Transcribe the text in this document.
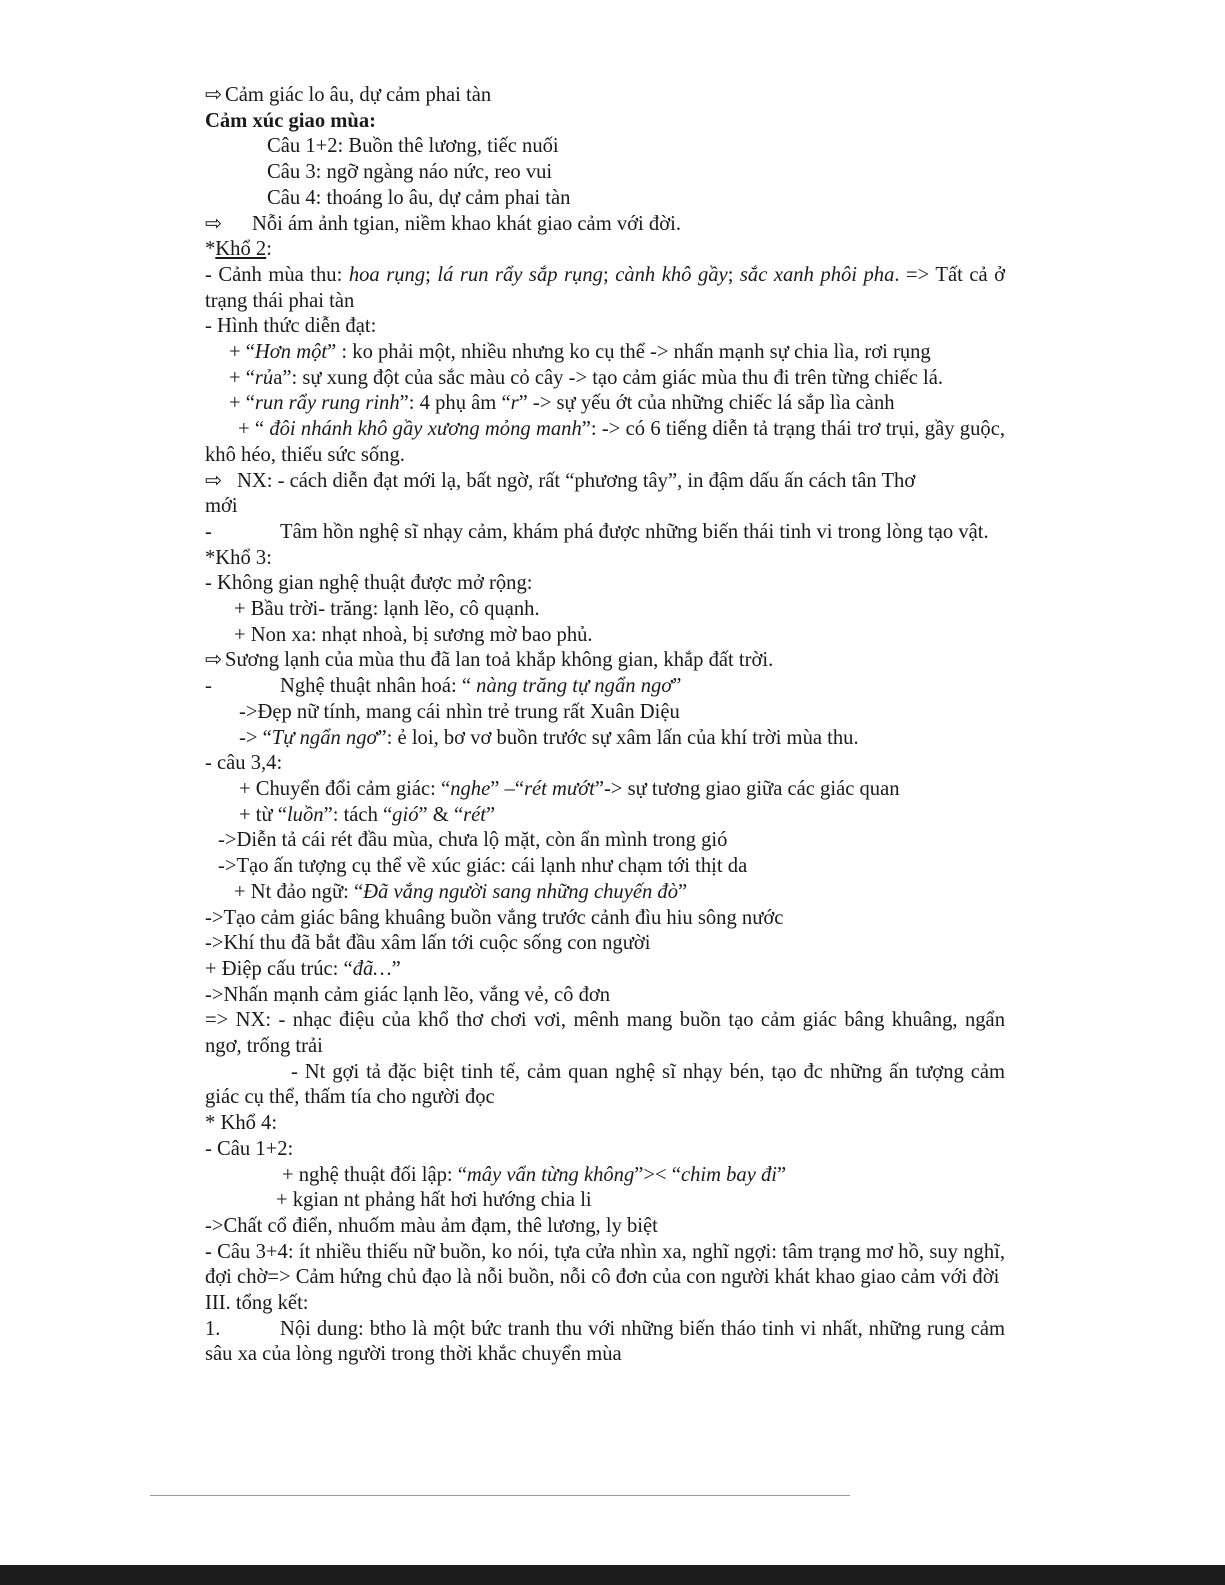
⇨ Cảm giác lo âu, dự cảm phai tàn
Cảm xúc giao mùa:
Câu 1+2: Buồn thê lương, tiếc nuối
Câu 3: ngỡ ngàng náo nức, reo vui
Câu 4: thoáng lo âu, dự cảm phai tàn
⇨ Nỗi ám ảnh tgian, niềm khao khát giao cảm với đời.
*Khổ 2:
- Cảnh mùa thu: hoa rụng; lá run rẩy sắp rụng; cành khô gầy; sắc xanh phôi pha. => Tất cả ở trạng thái phai tàn
- Hình thức diễn đạt:
+ “Hơn một” : ko phải một, nhiều nhưng ko cụ thể -> nhấn mạnh sự chia lìa, rơi rụng
+ “rủa”: sự xung đột của sắc màu cỏ cây -> tạo cảm giác mùa thu đi trên từng chiếc lá.
+ “run rẩy rung rinh”: 4 phụ âm “r” -> sự yếu ớt của những chiếc lá sắp lìa cành
+ “ đôi nhánh khô gầy xương mỏng manh”: -> có 6 tiếng diễn tả trạng thái trơ trụi, gầy guộc, khô héo, thiếu sức sống.
⇨ NX: - cách diễn đạt mới lạ, bất ngờ, rất “phương tây”, in đậm dấu ấn cách tân Thơ mới
-	Tâm hồn nghệ sĩ nhạy cảm, khám phá được những biến thái tinh vi trong lòng tạo vật.
*Khổ 3:
- Không gian nghệ thuật được mở rộng:
+ Bầu trời- trăng: lạnh lẽo, cô quạnh.
+ Non xa: nhạt nhoà, bị sương mờ bao phủ.
⇨ Sương lạnh của mùa thu đã lan toả khắp không gian, khắp đất trời.
-	Nghệ thuật nhân hoá: “ nàng trăng tự ngẩn ngơ”
->Đẹp nữ tính, mang cái nhìn trẻ trung rất Xuân Diệu
-> “Tự ngẩn ngơ”: ẻ loi, bơ vơ buồn trước sự xâm lấn của khí trời mùa thu.
- câu 3,4:
+ Chuyển đổi cảm giác: “nghe” –“rét mướt”-> sự tương giao giữa các giác quan
+ từ “luồn”: tách “gió” & “rét”
->Diễn tả cái rét đầu mùa, chưa lộ mặt, còn ẩn mình trong gió
->Tạo ấn tượng cụ thể về xúc giác: cái lạnh như chạm tới thịt da
+ Nt đảo ngữ: “Đã vắng người sang những chuyến đò”
->Tạo cảm giác bâng khuâng buồn vắng trước cảnh đìu hiu sông nước
->Khí thu đã bắt đầu xâm lấn tới cuộc sống con người
+ Điệp cấu trúc: “đã…”
->Nhấn mạnh cảm giác lạnh lẽo, vắng vẻ, cô đơn
=> NX: - nhạc điệu của khổ thơ chơi vơi, mênh mang buồn tạo cảm giác bâng khuâng, ngẩn ngơ, trống trải
- Nt gợi tả đặc biệt tinh tế, cảm quan nghệ sĩ nhạy bén, tạo đc những ấn tượng cảm giác cụ thể, thấm tía cho người đọc
* Khổ 4:
- Câu 1+2:
+ nghệ thuật đối lập: “mây vẩn từng không”>< “chim bay đi”
+ kgian nt phảng hất hơi hướng chia li
->Chất cổ điển, nhuốm màu ảm đạm, thê lương, ly biệt
- Câu 3+4: ít nhiều thiếu nữ buồn, ko nói, tựa cửa nhìn xa, nghĩ ngợi: tâm trạng mơ hồ, suy nghĩ, đợi chờ=> Cảm hứng chủ đạo là nỗi buồn, nỗi cô đơn của con người khát khao giao cảm với đời
III. tổng kết:
1.	Nội dung: btho là một bức tranh thu với những biến tháo tinh vi nhất, những rung cảm sâu xa của lòng người trong thời khắc chuyển mùa
